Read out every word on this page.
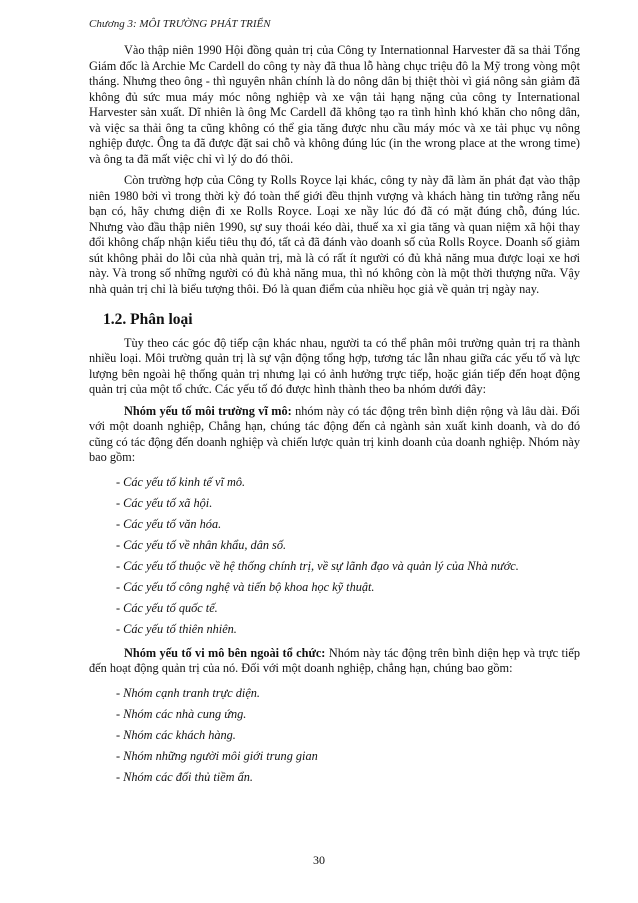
Chương 3: MÔI TRƯỜNG PHÁT TRIỂN

Vào thập niên 1990 Hội đồng quản trị của Công ty Internationnal Harvester đã sa thải Tổng Giám đốc là Archie Mc Cardell do công ty này đã thua lỗ hàng chục triệu đô la Mỹ trong vòng một tháng. Nhưng theo ông - thì nguyên nhân chính là do nông dân bị thiệt thòi vì giá nông sản giảm đã không đủ sức mua máy móc nông nghiệp và xe vận tải hạng nặng của công ty International Harvester sản xuất. Dĩ nhiên là ông Mc Cardell đã không tạo ra tình hình khó khăn cho nông dân, và việc sa thải ông ta cũng không có thể gia tăng được nhu cầu máy móc và xe tải phục vụ nông nghiệp được. Ông ta đã được đặt sai chỗ và không đúng lúc (in the wrong place at the wrong time) và ông ta đã mất việc chỉ vì lý do đó thôi.

Còn trường hợp của Công ty Rolls Royce lại khác, công ty này đã làm ăn phát đạt vào thập niên 1980 bởi vì trong thời kỳ đó toàn thế giới đều thịnh vượng và khách hàng tin tưởng rằng nếu bạn có, hãy chưng diện đi xe Rolls Royce. Loại xe nầy lúc đó đã có mặt đúng chỗ, đúng lúc. Nhưng vào đầu thập niên 1990, sự suy thoái kéo dài, thuế xa xỉ gia tăng và quan niệm xã hội thay đổi không chấp nhận kiểu tiêu thụ đó, tất cả đã đánh vào doanh số của Rolls Royce. Doanh số giảm sút không phải do lỗi của nhà quản trị, mà là có rất ít người có đủ khả năng mua được loại xe hơi này. Và trong số những người có đủ khả năng mua, thì nó không còn là một thời thượng nữa. Vậy nhà quản trị chỉ là biểu tượng thôi. Đó là quan điểm của nhiều học giả về quản trị ngày nay.

1.2. Phân loại

Tùy theo các góc độ tiếp cận khác nhau, người ta có thể phân môi trường quản trị ra thành nhiều loại. Môi trường quản trị là sự vận động tổng hợp, tương tác lẫn nhau giữa các yếu tố và lực lượng bên ngoài hệ thống quản trị nhưng lại có ảnh hưởng trực tiếp, hoặc gián tiếp đến hoạt động quản trị của một tổ chức. Các yếu tố đó được hình thành theo ba nhóm dưới đây:

Nhóm yếu tố môi trường vĩ mô: nhóm này có tác động trên bình diện rộng và lâu dài. Đối với một doanh nghiệp, Chẳng hạn, chúng tác động đến cả ngành sản xuất kinh doanh, và do đó cũng có tác động đến doanh nghiệp và chiến lược quản trị kinh doanh của doanh nghiệp. Nhóm này bao gồm:

- Các yếu tố kinh tế vĩ mô.
- Các yếu tố xã hội.
- Các yếu tố văn hóa.
- Các yếu tố về nhân khẩu, dân số.
- Các yếu tố thuộc về hệ thống chính trị, về sự lãnh đạo và quản lý của Nhà nước.
- Các yếu tố công nghệ và tiến bộ khoa học kỹ thuật.
- Các yếu tố quốc tế.
- Các yếu tố thiên nhiên.

Nhóm yếu tố vi mô bên ngoài tổ chức: Nhóm này tác động trên bình diện hẹp và trực tiếp đến hoạt động quản trị của nó. Đối với một doanh nghiệp, chẳng hạn, chúng bao gồm:

- Nhóm cạnh tranh trực diện.
- Nhóm các nhà cung ứng.
- Nhóm các khách hàng.
- Nhóm những người môi giới trung gian
- Nhóm các đối thủ tiềm ẩn.
30
